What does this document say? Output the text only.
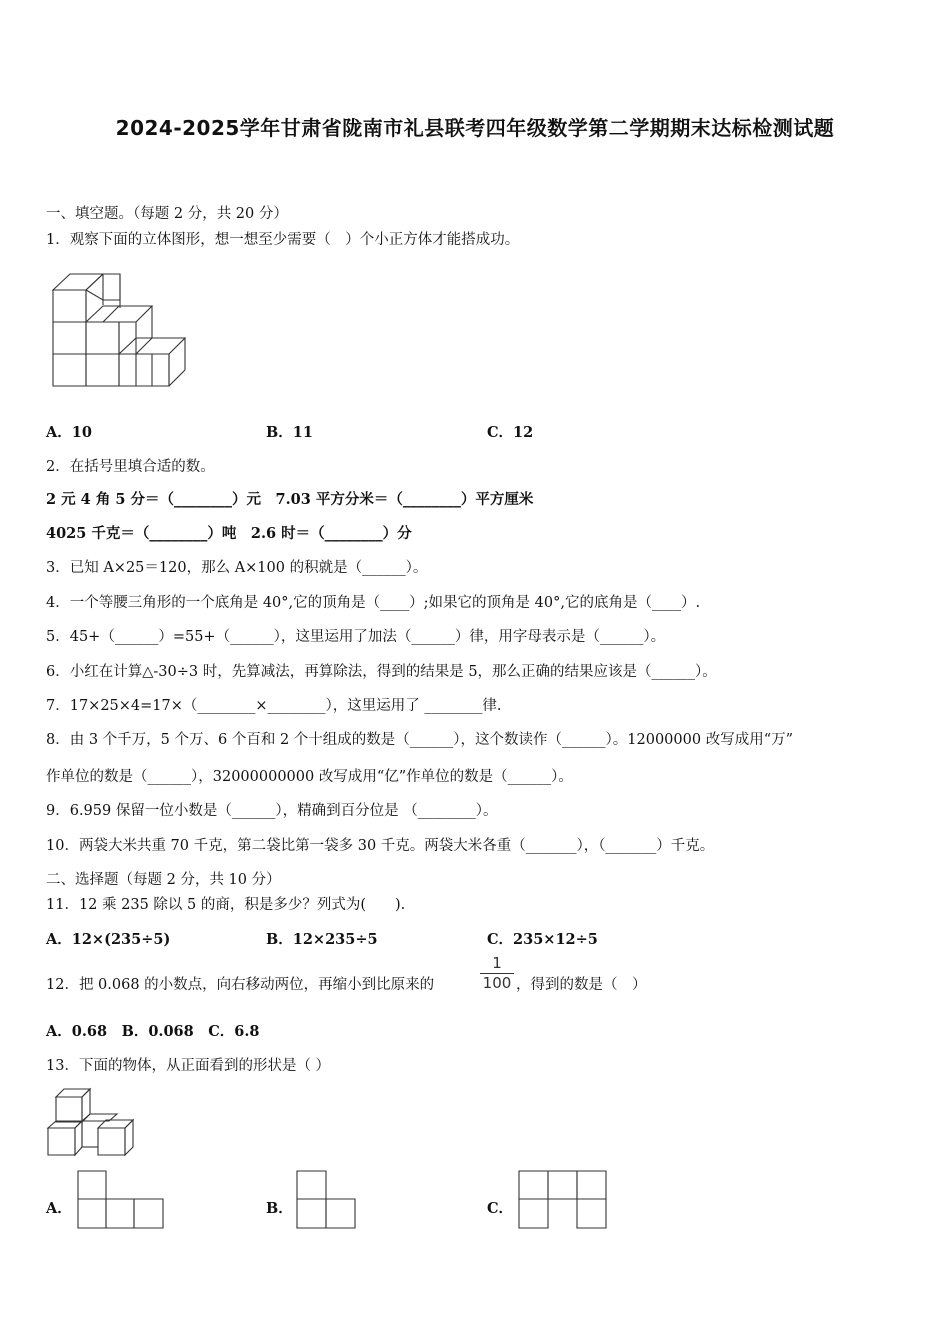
2024-2025学年甘肃省陇南市礼县联考四年级数学第二学期期末达标检测试题
一、填空题。（每题 2 分，共 20 分）
1．观察下面的立体图形，想一想至少需要（　）个小正方体才能搭成功。
A．10	B．11	C．12
2．在括号里填合适的数。
2 元 4 角 5 分＝（________）元　7.03 平方分米＝（________）平方厘米
4025 千克＝（________）吨　2.6 时＝（________）分
3．已知 A×25＝120，那么 A×100 的积就是（______）。
4．一个等腰三角形的一个底角是 40°,它的顶角是（____）;如果它的顶角是 40°,它的底角是（____）.
5．45+（______）=55+（______），这里运用了加法（______）律，用字母表示是（______）。
6．小红在计算△-30÷3 时，先算减法，再算除法，得到的结果是 5，那么正确的结果应该是（______）。
7．17×25×4=17×（________×________），这里运用了 ________律.
8．由 3 个千万，5 个万、6 个百和 2 个十组成的数是（______），这个数读作（______）。12000000 改写成用“万”
作单位的数是（______），32000000000 改写成用“亿”作单位的数是（______）。
9．6.959 保留一位小数是（______），精确到百分位是 （________）。
10．两袋大米共重 70 千克，第二袋比第一袋多 30 千克。两袋大米各重（_______），（_______）千克。
二、选择题（每题 2 分，共 10 分）
11．12 乘 235 除以 5 的商，积是多少？列式为(　　).
A．12×(235÷5)	B．12×235÷5	C．235×12÷5
12．把 0.068 的小数点，向右移动两位，再缩小到比原来的
1
100 ，得到的数是（　）
A．0.68　B．0.068　C．6.8
13．下面的物体，从正面看到的形状是（ ）
A．	B．	C．
